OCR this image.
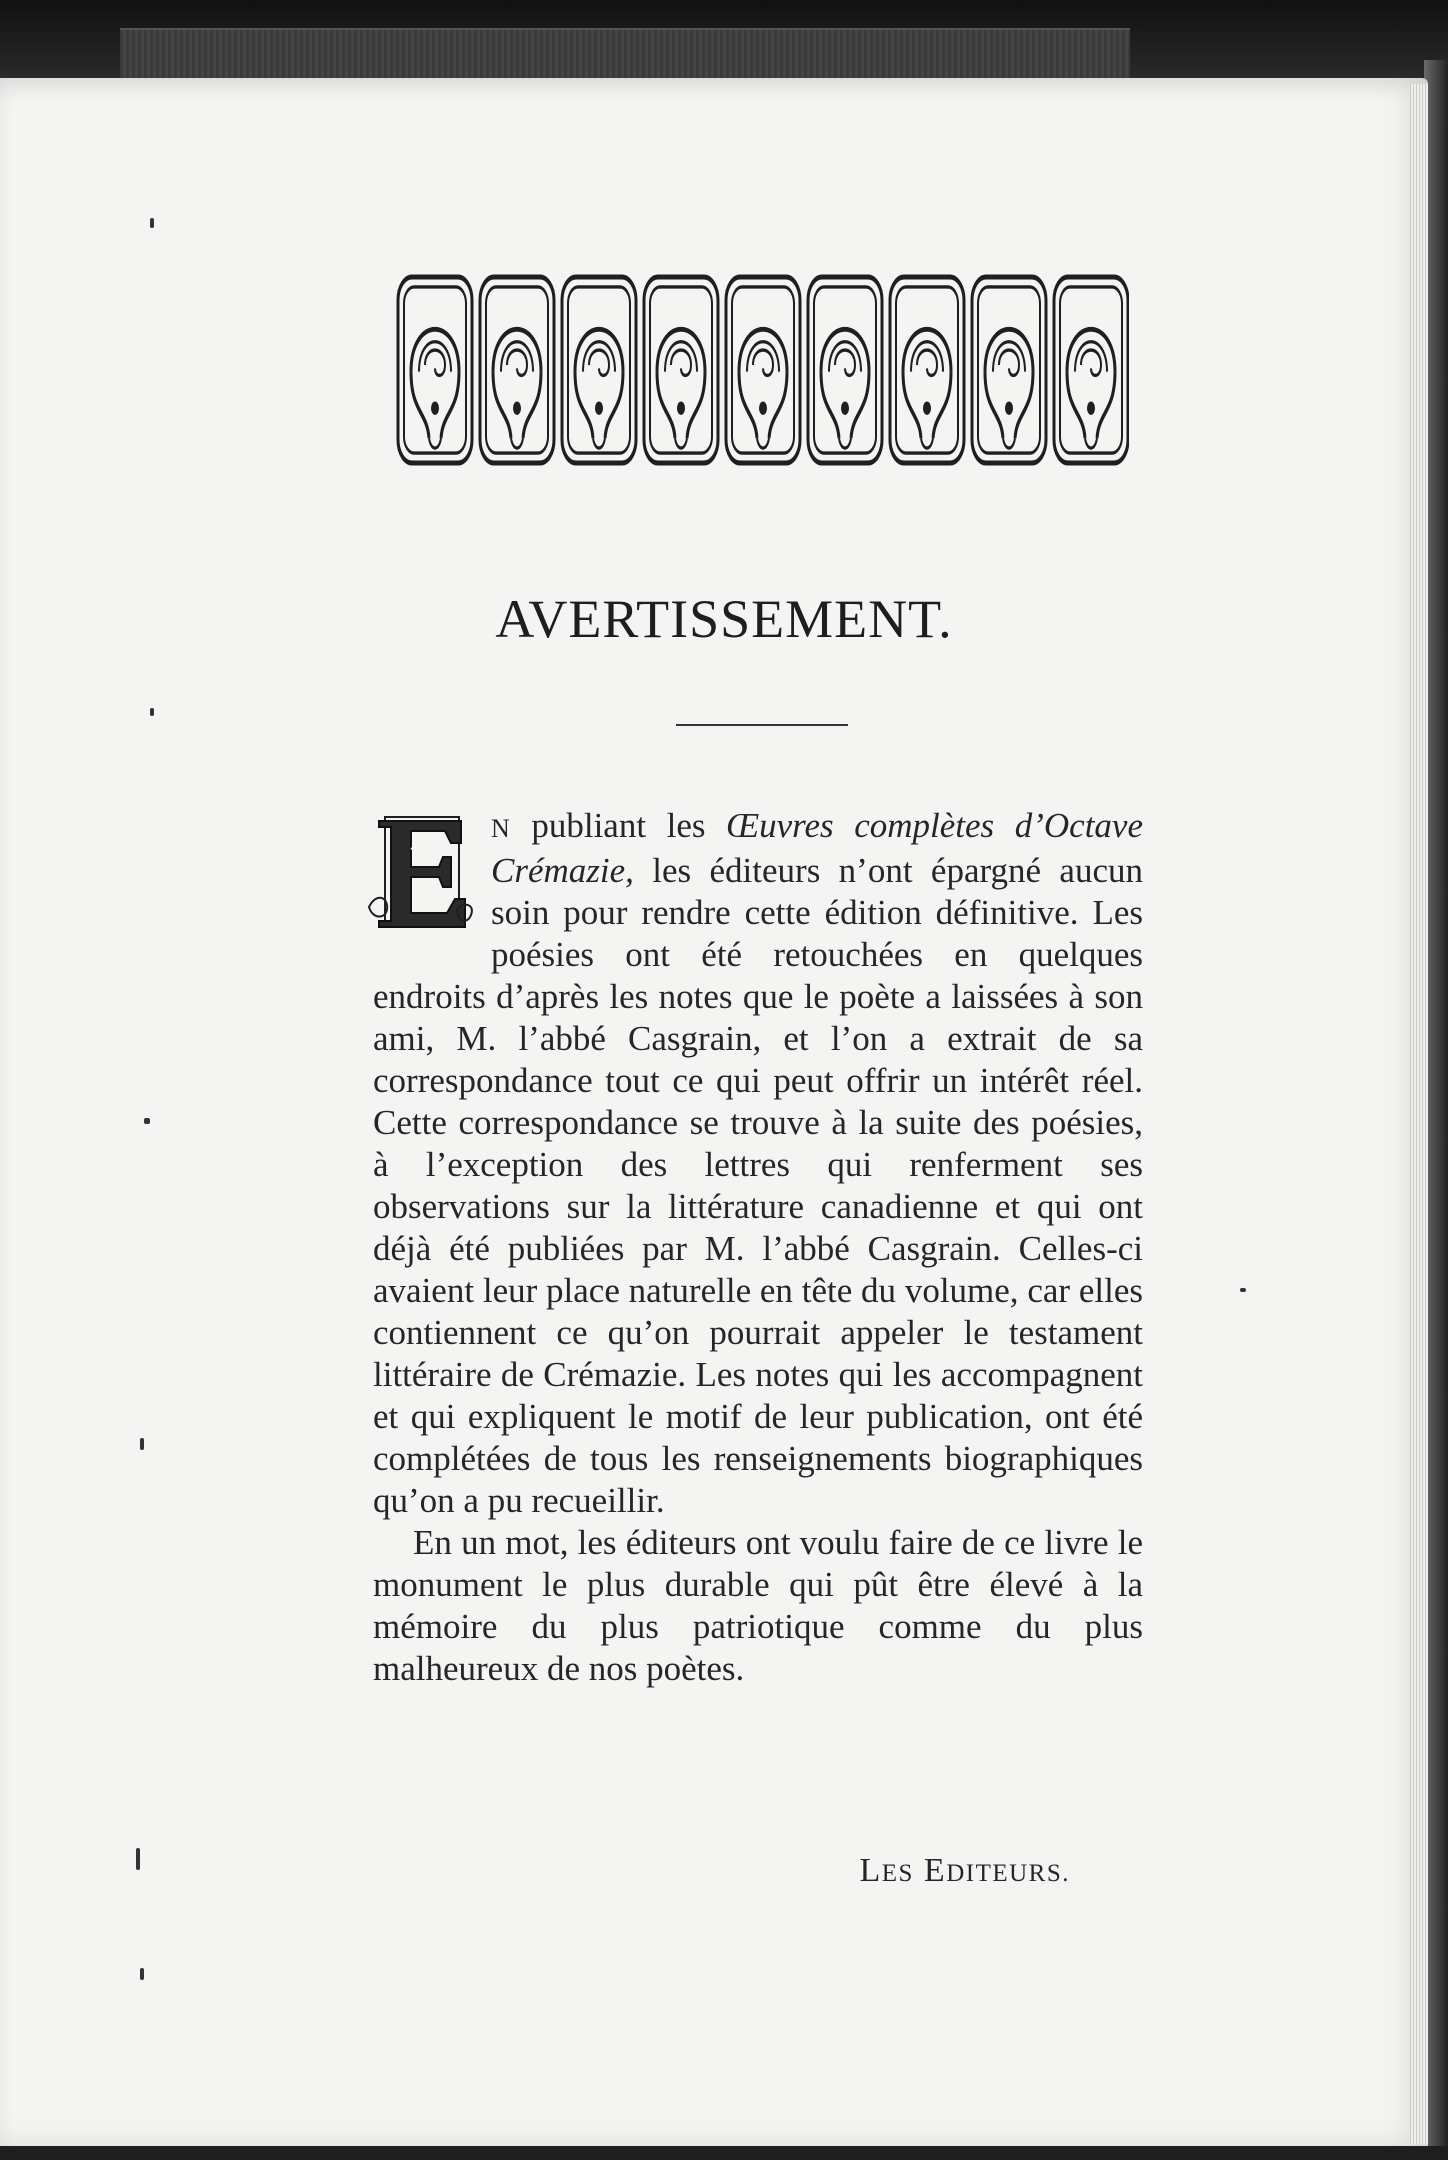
AVERTISSEMENT.

N publiant les Œuvres complètes d’Octave Crémazie, les éditeurs n’ont épargné aucun soin pour rendre cette édition définitive. Les poésies ont été retouchées en quelques endroits d’après les notes que le poète a laissées à son ami, M. l’abbé Casgrain, et l’on a extrait de sa correspondance tout ce qui peut offrir un intérêt réel. Cette correspondance se trouve à la suite des poésies, à l’exception des lettres qui renferment ses observations sur la littérature canadienne et qui ont déjà été publiées par M. l’abbé Casgrain. Celles-ci avaient leur place naturelle en tête du volume, car elles contiennent ce qu’on pourrait appeler le testament littéraire de Crémazie. Les notes qui les accompagnent et qui expliquent le motif de leur publication, ont été complétées de tous les renseignements biographiques qu’on a pu recueillir.

En un mot, les éditeurs ont voulu faire de ce livre le monument le plus durable qui pût être élevé à la mémoire du plus patriotique comme du plus malheureux de nos poètes.

LES EDITEURS.
